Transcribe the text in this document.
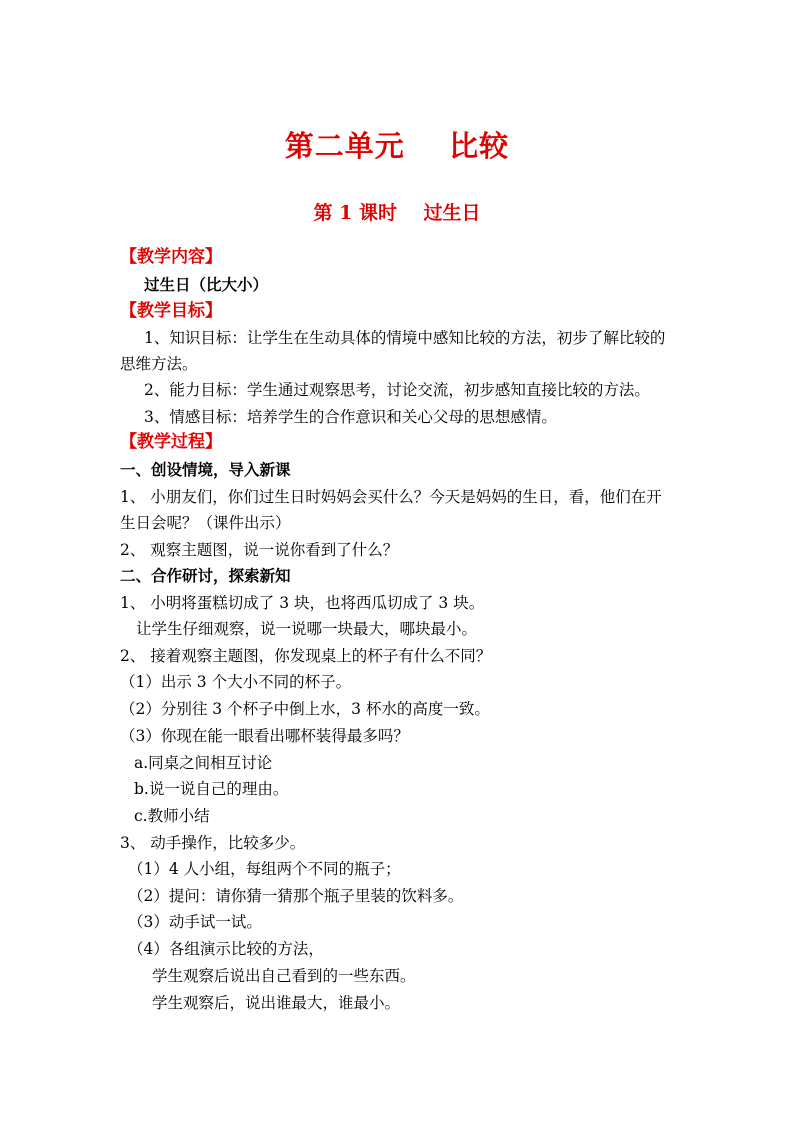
第二单元    比较
第 1 课时    过生日
【教学内容】
过生日（比大小）
【教学目标】
1、知识目标：让学生在生动具体的情境中感知比较的方法，初步了解比较的
思维方法。
2、能力目标：学生通过观察思考，讨论交流，初步感知直接比较的方法。
3、情感目标：培养学生的合作意识和关心父母的思想感情。
【教学过程】
一、创设情境，导入新课
1、 小朋友们，你们过生日时妈妈会买什么？今天是妈妈的生日，看，他们在开
生日会呢？（课件出示）
2、 观察主题图，说一说你看到了什么？
二、合作研讨，探索新知
1、 小明将蛋糕切成了 3 块，也将西瓜切成了 3 块。
让学生仔细观察，说一说哪一块最大，哪块最小。
2、 接着观察主题图，你发现桌上的杯子有什么不同？
（1）出示 3 个大小不同的杯子。
（2）分别往 3 个杯子中倒上水，3 杯水的高度一致。
（3）你现在能一眼看出哪杯装得最多吗？
a.同桌之间相互讨论
b.说一说自己的理由。
c.教师小结
3、 动手操作，比较多少。
（1）4 人小组，每组两个不同的瓶子；
（2）提问：请你猜一猜那个瓶子里装的饮料多。
（3）动手试一试。
（4）各组演示比较的方法，
学生观察后说出自己看到的一些东西。
学生观察后，说出谁最大，谁最小。
